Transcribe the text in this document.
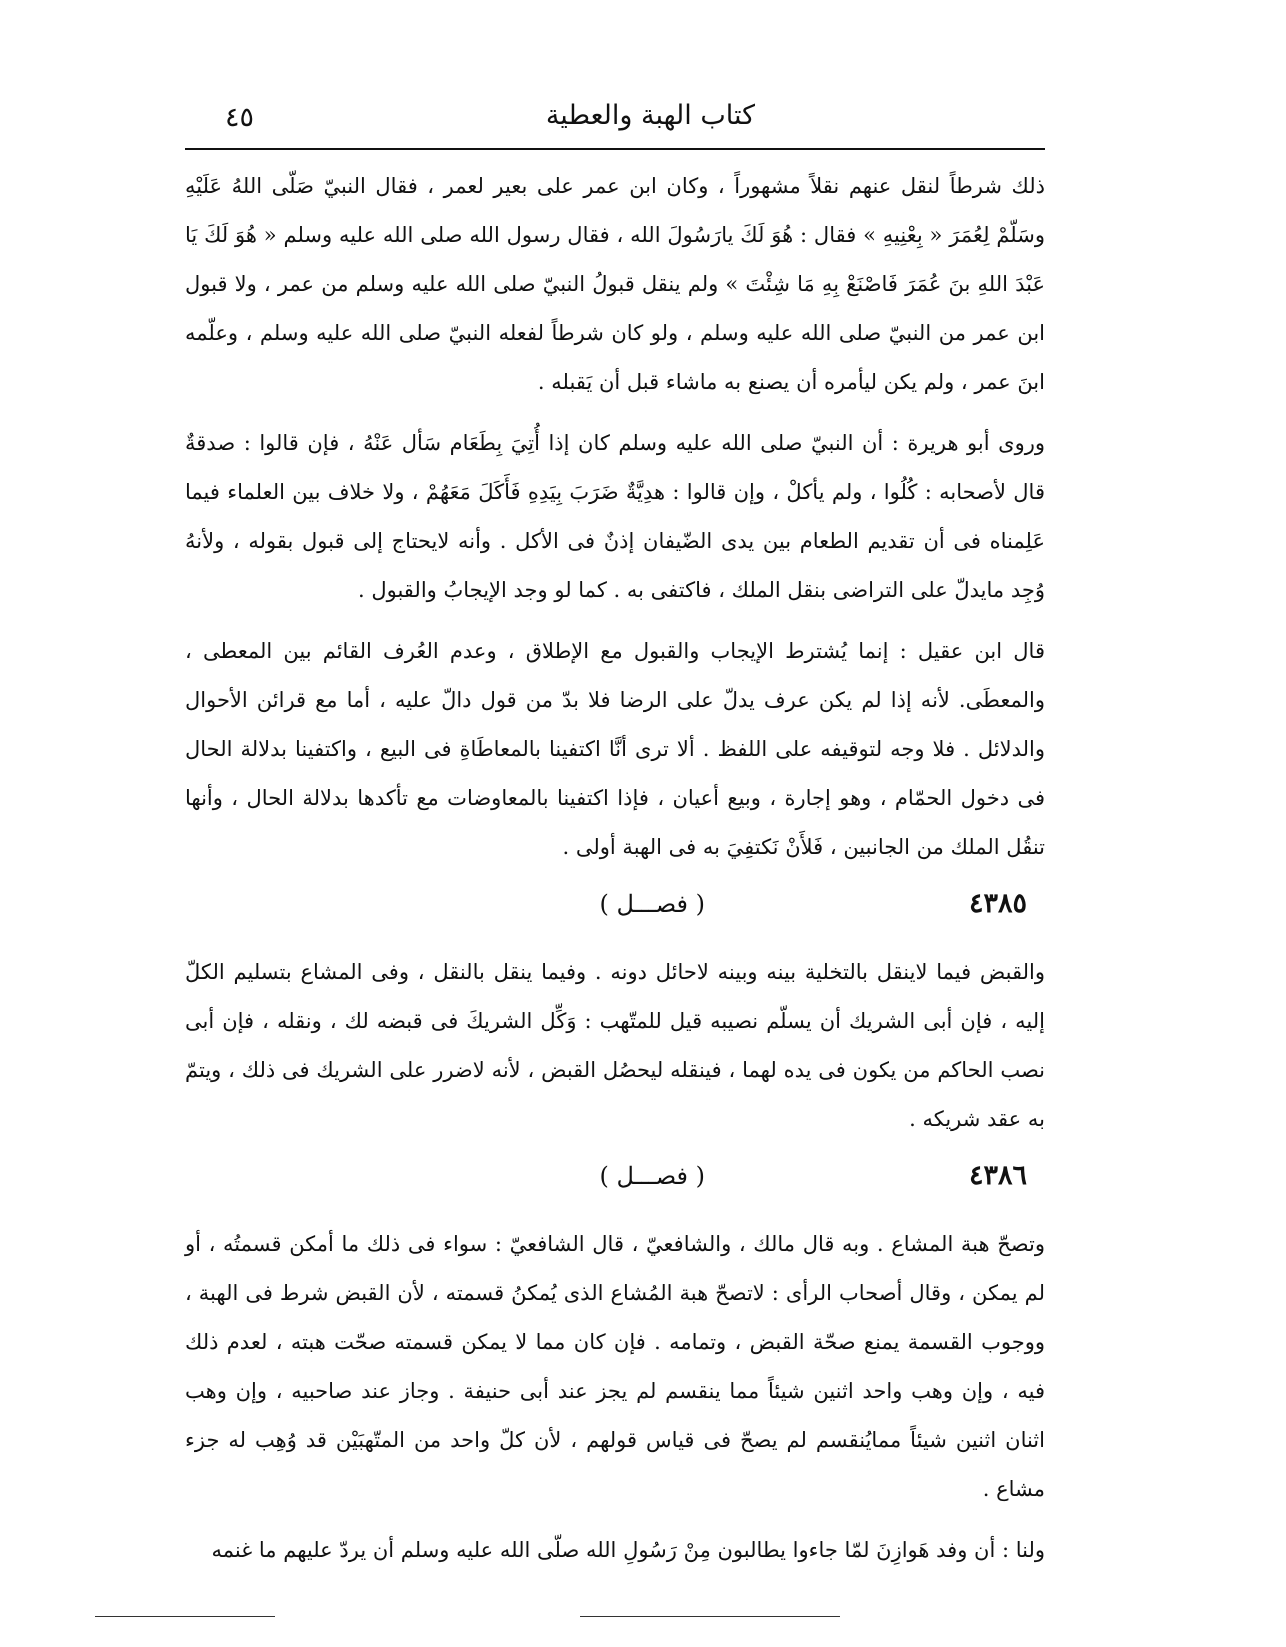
كتاب الهبة والعطية
٤٥

ذلك شرطاً لنقل عنهم نقلاً مشهوراً ، وكان ابن عمر على بعير لعمر ، فقال النبيّ صَلّى اللهُ عَلَيْهِ وسَلّمْ لِعُمَرَ « بِعْنِيهِ » فقال : هُوَ لَكَ يارَسُولَ الله ، فقال رسول الله صلى الله عليه وسلم « هُوَ لَكَ يَا عَبْدَ اللهِ بنَ عُمَرَ فَاصْنَعْ بِهِ مَا شِئْتَ » ولم ينقل قبولُ النبيّ صلى الله عليه وسلم من عمر ، ولا قبول ابن عمر من النبيّ صلى الله عليه وسلم ، ولو كان شرطاً لفعله النبيّ صلى الله عليه وسلم ، وعلّمه ابنَ عمر ، ولم يكن ليأمره أن يصنع به ماشاء قبل أن يَقبله .

وروى أبو هريرة : أن النبيّ صلى الله عليه وسلم كان إذا أُتِيَ بِطَعَام سَأل عَنْهُ ، فإن قالوا : صدقةٌ قال لأصحابه : كُلُوا ، ولم يأكلْ ، وإن قالوا : هدِيَّةٌ ضَرَبَ بِيَدِهِ فَأَكَلَ مَعَهُمْ ، ولا خلاف بين العلماء فيما عَلِمناه فى أن تقديم الطعام بين يدى الضّيفان إذنٌ فى الأكل . وأنه لايحتاج إلى قبول بقوله ، ولأنهُ وُجِد مايدلّ على التراضى بنقل الملك ، فاكتفى به . كما لو وجد الإيجابُ والقبول .

قال ابن عقيل : إنما يُشترط الإيجاب والقبول مع الإطلاق ، وعدم العُرف القائم بين المعطى ، والمعطَى. لأنه إذا لم يكن عرف يدلّ على الرضا فلا بدّ من قول دالّ عليه ، أما مع قرائن الأحوال والدلائل . فلا وجه لتوقيفه على اللفظ . ألا ترى أنَّا اكتفينا بالمعاطَاةِ فى البيع ، واكتفينا بدلالة الحال فى دخول الحمّام ، وهو إجارة ، وبيع أعيان ، فإذا اكتفينا بالمعاوضات مع تأكدها بدلالة الحال ، وأنها تنقُل الملك من الجانبين ، فَلأَنْ نَكتفِيَ به فى الهبة أولى .

٤٣٨٥
( فصـــل )

والقبض فيما لاينقل بالتخلية بينه وبينه لاحائل دونه . وفيما ينقل بالنقل ، وفى المشاع بتسليم الكلّ إليه ، فإن أبى الشريك أن يسلّم نصيبه قيل للمتّهب : وَكِّل الشريكَ فى قبضه لك ، ونقله ، فإن أبى نصب الحاكم من يكون فى يده لهما ، فينقله ليحصُل القبض ، لأنه لاضرر على الشريك فى ذلك ، ويتمّ به عقد شريكه .

٤٣٨٦
( فصـــل )

وتصحّ هبة المشاع . وبه قال مالك ، والشافعيّ ، قال الشافعيّ : سواء فى ذلك ما أمكن قسمتُه ، أو لم يمكن ، وقال أصحاب الرأى : لاتصحّ هبة المُشاع الذى يُمكنُ قسمته ، لأن القبض شرط فى الهبة ، ووجوب القسمة يمنع صحّة القبض ، وتمامه . فإن كان مما لا يمكن قسمته صحّت هبته ، لعدم ذلك فيه ، وإن وهب واحد اثنين شيئاً مما ينقسم لم يجز عند أبى حنيفة . وجاز عند صاحبيه ، وإن وهب اثنان اثنين شيئاً ممايُنقسم لم يصحّ فى قياس قولهم ، لأن كلّ واحد من المتّهبَيْن قد وُهِب له جزء مشاع .

ولنا : أن وفد هَوازِنَ لمّا جاءوا يطالبون مِنْ رَسُولِ الله صلّى الله عليه وسلم أن يردّ عليهم ما غنمه
